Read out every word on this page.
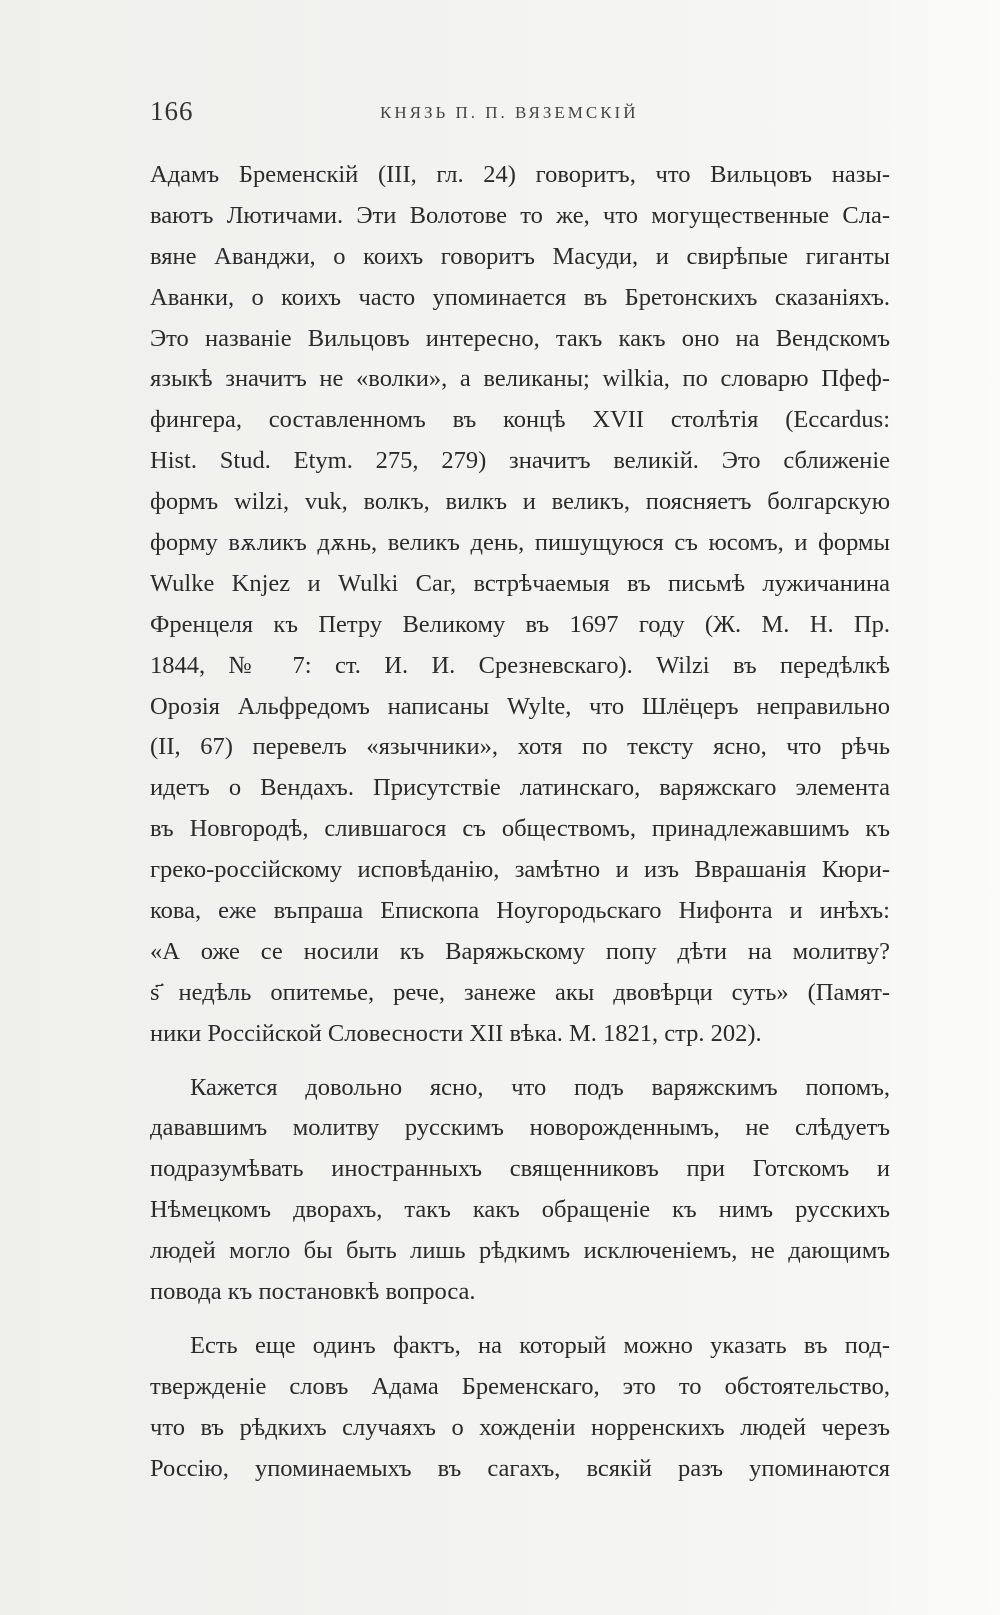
166	КНЯЗЬ П. П. ВЯЗЕМСКІЙ
Адамъ Бременскій (III, гл. 24) говоритъ, что Вильцовъ назы-
ваютъ Лютичами. Эти Волотове то же, что могущественные Сла-
вяне Аванджи, о коихъ говоритъ Масуди, и свирѣпые гиганты
Аванки, о коихъ часто упоминается въ Бретонскихъ сказаніяхъ.
Это названіе Вильцовъ интересно, такъ какъ оно на Вендскомъ
языкѣ значитъ не «волки», а великаны; wilkia, по словарю Пфеф-
фингера, составленномъ въ концѣ XVII столѣтія (Eccardus:
Hist. Stud. Etym. 275, 279) значитъ великій. Это сближеніе
формъ wilzi, vuk, волкъ, вилкъ и великъ, поясняетъ болгарскую
форму вѫликъ дѫнь, великъ день, пишущуюся съ юсомъ, и формы
Wulke Knjez и Wulki Car, встрѣчаемыя въ письмѣ лужичанина
Френцеля къ Петру Великому въ 1697 году (Ж. М. Н. Пр.
1844, № 7: ст. И. И. Срезневскаго). Wilzi въ передѣлкѣ
Орозія Альфредомъ написаны Wylte, что Шлёцеръ неправильно
(II, 67) перевелъ «язычники», хотя по тексту ясно, что рѣчь
идетъ о Вендахъ. Присутствіе латинскаго, варяжскаго элемента
въ Новгородѣ, слившагося съ обществомъ, принадлежавшимъ къ
греко-россійскому исповѣданію, замѣтно и изъ Вврашанія Кюри-
кова, еже въпраша Епископа Ноугородьскаго Нифонта и инѣхъ:
«А оже се носили къ Варяжьскому попу дѣти на молитву?
ѕ҃ недѣль опитемье, рече, занеже акы двовѣрци суть» (Памят-
ники Россійской Словесности XII вѣка. М. 1821, стр. 202).
Кажется довольно ясно, что подъ варяжскимъ попомъ,
дававшимъ молитву русскимъ новорожденнымъ, не слѣдуетъ
подразумѣвать иностранныхъ священниковъ при Готскомъ и
Нѣмецкомъ дворахъ, такъ какъ обращеніе къ нимъ русскихъ
людей могло бы быть лишь рѣдкимъ исключеніемъ, не дающимъ
повода къ постановкѣ вопроса.
Есть еще одинъ фактъ, на который можно указать въ под-
твержденіе словъ Адама Бременскаго, это то обстоятельство,
что въ рѣдкихъ случаяхъ о хожденіи норренскихъ людей черезъ
Россію, упоминаемыхъ въ сагахъ, всякій разъ упоминаются
